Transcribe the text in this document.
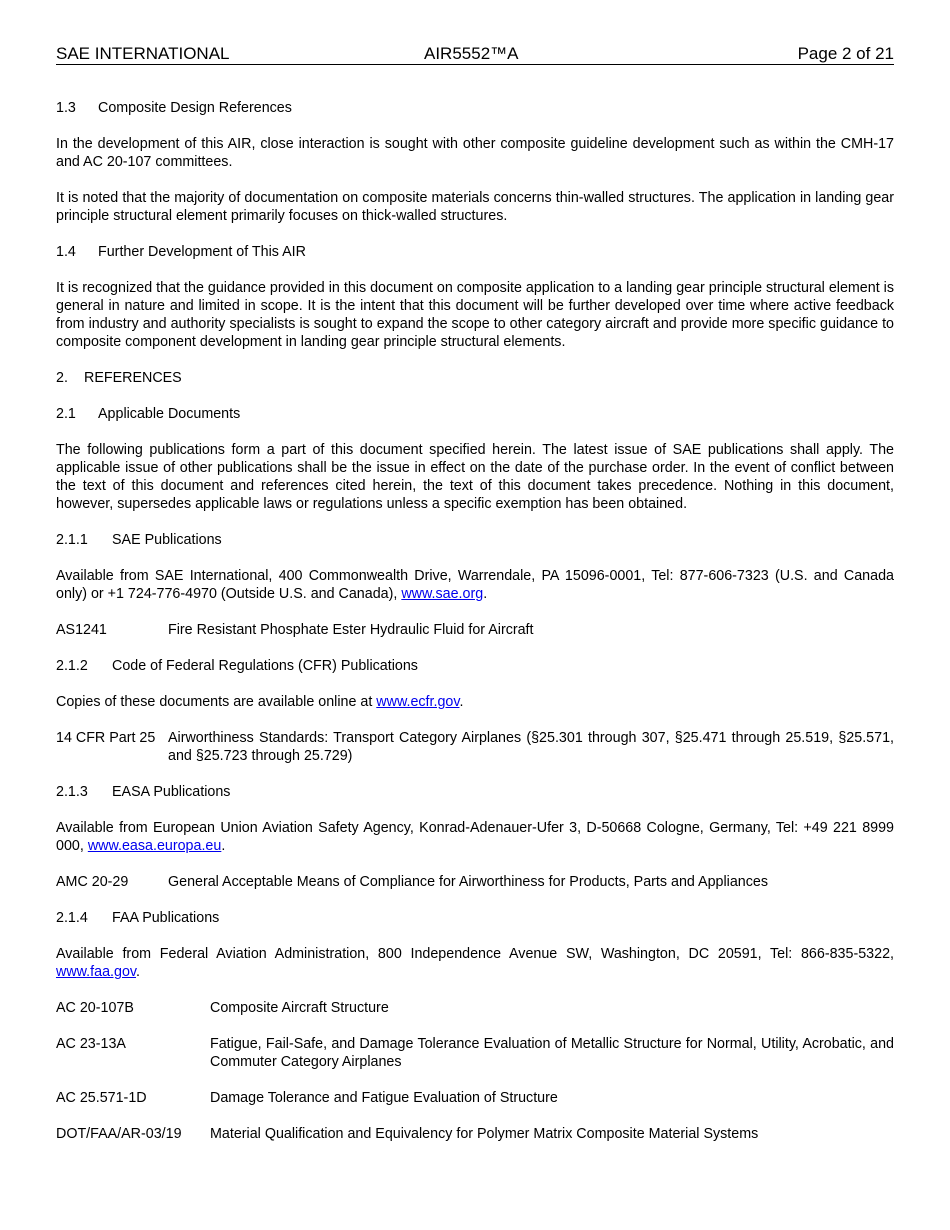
SAE INTERNATIONAL	AIR5552™A	Page 2 of 21
1.3	Composite Design References

In the development of this AIR, close interaction is sought with other composite guideline development such as within the CMH-17 and AC 20-107 committees.

It is noted that the majority of documentation on composite materials concerns thin-walled structures. The application in landing gear principle structural element primarily focuses on thick-walled structures.

1.4	Further Development of This AIR

It is recognized that the guidance provided in this document on composite application to a landing gear principle structural element is general in nature and limited in scope. It is the intent that this document will be further developed over time where active feedback from industry and authority specialists is sought to expand the scope to other category aircraft and provide more specific guidance to composite component development in landing gear principle structural elements.

2.	REFERENCES
2.1	Applicable Documents

The following publications form a part of this document specified herein. The latest issue of SAE publications shall apply. The applicable issue of other publications shall be the issue in effect on the date of the purchase order. In the event of conflict between the text of this document and references cited herein, the text of this document takes precedence. Nothing in this document, however, supersedes applicable laws or regulations unless a specific exemption has been obtained.

2.1.1	SAE Publications

Available from SAE International, 400 Commonwealth Drive, Warrendale, PA 15096-0001, Tel: 877-606-7323 (U.S. and Canada only) or +1 724-776-4970 (Outside U.S. and Canada), www.sae.org.

AS1241	Fire Resistant Phosphate Ester Hydraulic Fluid for Aircraft
2.1.2	Code of Federal Regulations (CFR) Publications

Copies of these documents are available online at www.ecfr.gov.

14 CFR Part 25 Airworthiness Standards: Transport Category Airplanes (§25.301 through 307, §25.471 through 25.519, §25.571, and §25.723 through 25.729)
2.1.3	EASA Publications

Available from European Union Aviation Safety Agency, Konrad-Adenauer-Ufer 3, D-50668 Cologne, Germany, Tel: +49 221 8999 000, www.easa.europa.eu.

AMC 20-29	General Acceptable Means of Compliance for Airworthiness for Products, Parts and Appliances
2.1.4	FAA Publications

Available from Federal Aviation Administration, 800 Independence Avenue SW, Washington, DC 20591, Tel: 866-835-5322, www.faa.gov.

AC 20-107B	Composite Aircraft Structure
AC 23-13A	Fatigue, Fail-Safe, and Damage Tolerance Evaluation of Metallic Structure for Normal, Utility, Acrobatic, and Commuter Category Airplanes
AC 25.571-1D	Damage Tolerance and Fatigue Evaluation of Structure
DOT/FAA/AR-03/19	Material Qualification and Equivalency for Polymer Matrix Composite Material Systems
